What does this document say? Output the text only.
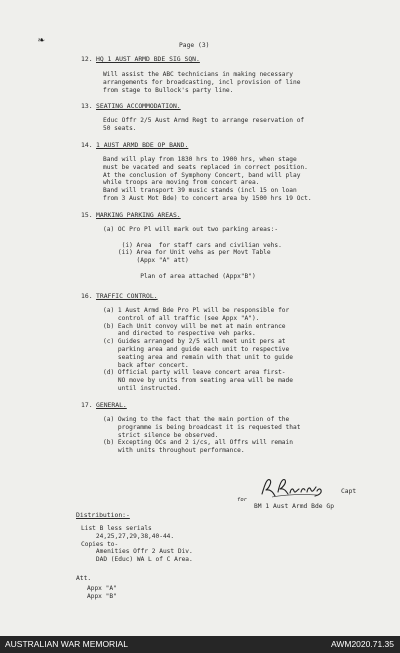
❧	Page (3)
12. HQ 1 AUST ARMD BDE SIG SQN.
Will assist the ABC technicians in making necessary
arrangements for broadcasting, incl provision of line
from stage to Bullock's party line.
13. SEATING ACCOMMODATION.
Educ Offr 2/5 Aust Armd Regt to arrange reservation of
50 seats.
14. 1 AUST ARMD BDE OP BAND.
Band will play from 1830 hrs to 1900 hrs, when stage
must be vacated and seats replaced in correct position.
At the conclusion of Symphony Concert, band will play
while troops are moving from concert area.
Band will transport 39 music stands (incl 15 on loan
from 3 Aust Mot Bde) to concert area by 1500 hrs 19 Oct.
15. MARKING PARKING AREAS.
(a) OC Pro Pl will mark out two parking areas:-

(i) Area  for staff cars and civilian vehs.
(ii) Area for Unit vehs as per Movt Table
(Appx "A" att)

Plan of area attached (Appx"B")
16. TRAFFIC CONTROL.
(a) 1 Aust Armd Bde Pro Pl will be responsible for
control of all traffic (see Appx "A").
(b) Each Unit convoy will be met at main entrance
and directed to respective veh parks.
(c) Guides arranged by 2/5 will meet unit pers at
parking area and guide each unit to respective
seating area and remain with that unit to guide
back after concert.
(d) Official party will leave concert area first-
NO move by units from seating area will be made
until instructed.
17. GENERAL.
(a) Owing to the fact that the main portion of the
programme is being broadcast it is requested that
strict silence be observed.
(b) Excepting OCs and 2 i/cs, all Offrs will remain
with units throughout performance.
for
Capt
BM 1 Aust Armd Bde Gp
Distribution:-
List B less serials
24,25,27,29,38,40-44.
Copies to-
Amenities Offr 2 Aust Div.
DAD (Educ) WA L of C Area.
Att.
Appx "A"
Appx "B"
AUSTRALIAN WAR MEMORIAL	AWM2020.71.35
